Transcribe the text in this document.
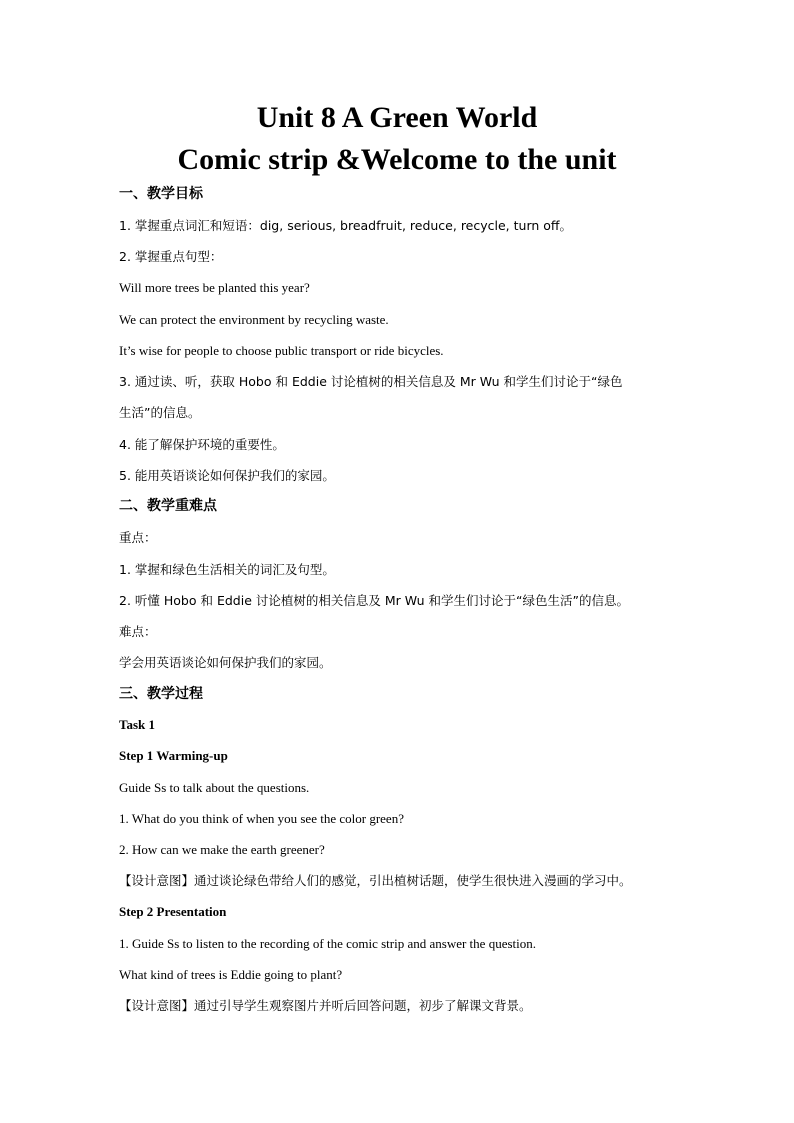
Unit 8 A Green World
Comic strip &Welcome to the unit
一、教学目标
1. 掌握重点词汇和短语：dig, serious, breadfruit, reduce, recycle, turn off。
2. 掌握重点句型：
Will more trees be planted this year?
We can protect the environment by recycling waste.
It’s wise for people to choose public transport or ride bicycles.
3. 通过读、听，获取 Hobo 和 Eddie 讨论植树的相关信息及 Mr Wu 和学生们讨论于“绿色
生活”的信息。
4. 能了解保护环境的重要性。
5. 能用英语谈论如何保护我们的家园。
二、教学重难点
重点：
1. 掌握和绿色生活相关的词汇及句型。
2. 听懂 Hobo 和 Eddie 讨论植树的相关信息及 Mr Wu 和学生们讨论于“绿色生活”的信息。
难点：
学会用英语谈论如何保护我们的家园。
三、教学过程
Task 1
Step 1 Warming-up
Guide Ss to talk about the questions.
1. What do you think of when you see the color green?
2. How can we make the earth greener?
【设计意图】通过谈论绿色带给人们的感觉，引出植树话题，使学生很快进入漫画的学习中。
Step 2 Presentation
1. Guide Ss to listen to the recording of the comic strip and answer the question.
What kind of trees is Eddie going to plant?
【设计意图】通过引导学生观察图片并听后回答问题，初步了解课文背景。
